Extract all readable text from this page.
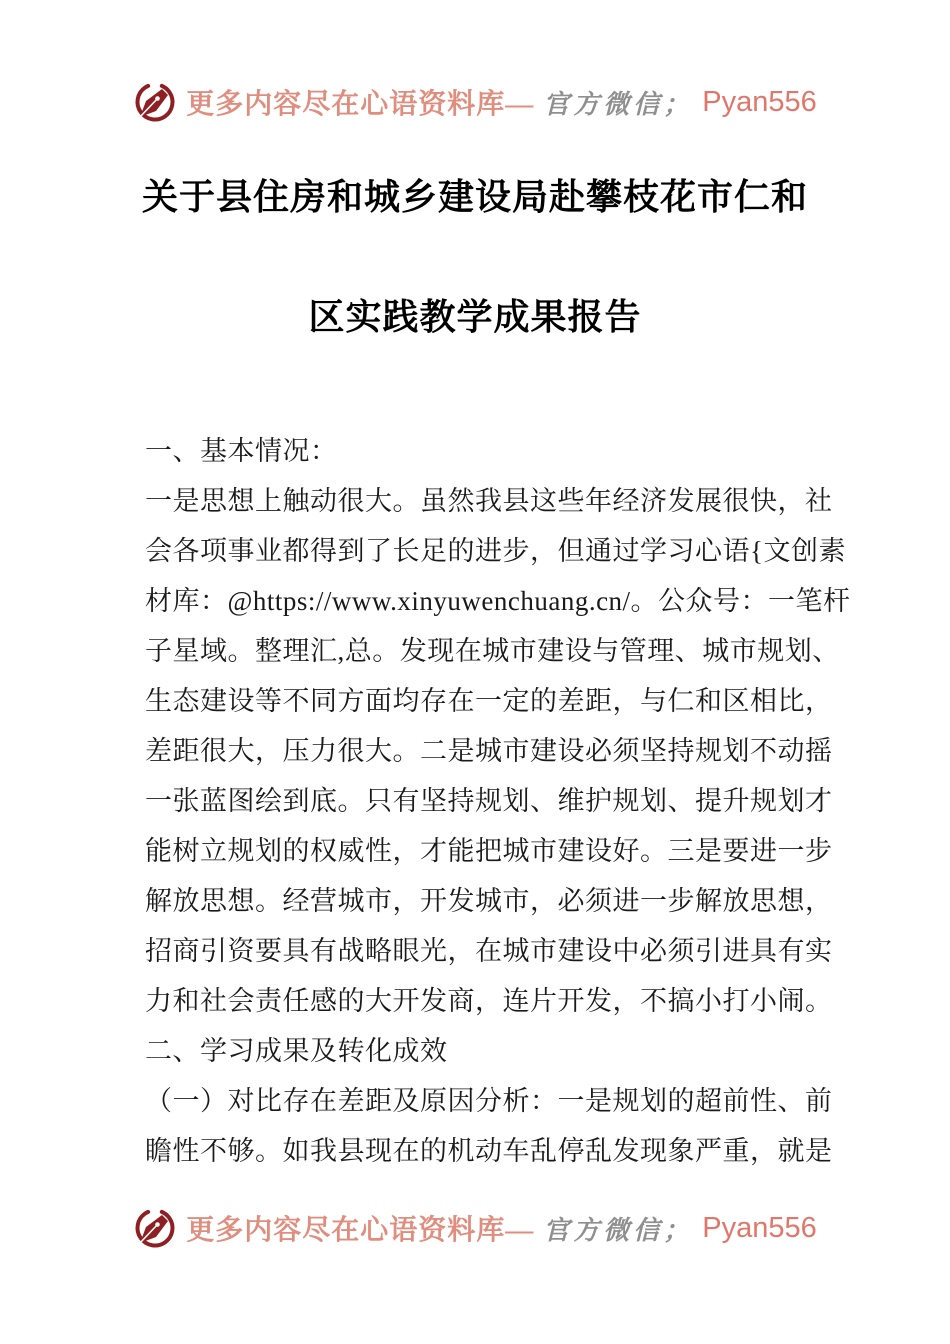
更多内容尽在心语资料库— 官方微信； Pyan556
关于县住房和城乡建设局赴攀枝花市仁和
区实践教学成果报告
一、基本情况：
一是思想上触动很大。虽然我县这些年经济发展很快，社
会各项事业都得到了长足的进步，但通过学习心语{文创素
材库：@https://www.xinyuwenchuang.cn/。公众号：一笔杆
子星域。整理汇,总。发现在城市建设与管理、城市规划、
生态建设等不同方面均存在一定的差距，与仁和区相比，
差距很大，压力很大。二是城市建设必须坚持规划不动摇
一张蓝图绘到底。只有坚持规划、维护规划、提升规划才
能树立规划的权威性，才能把城市建设好。三是要进一步
解放思想。经营城市，开发城市，必须进一步解放思想，
招商引资要具有战略眼光，在城市建设中必须引进具有实
力和社会责任感的大开发商，连片开发，不搞小打小闹。
二、学习成果及转化成效
（一）对比存在差距及原因分析：一是规划的超前性、前
瞻性不够。如我县现在的机动车乱停乱发现象严重，就是
更多内容尽在心语资料库— 官方微信； Pyan556
